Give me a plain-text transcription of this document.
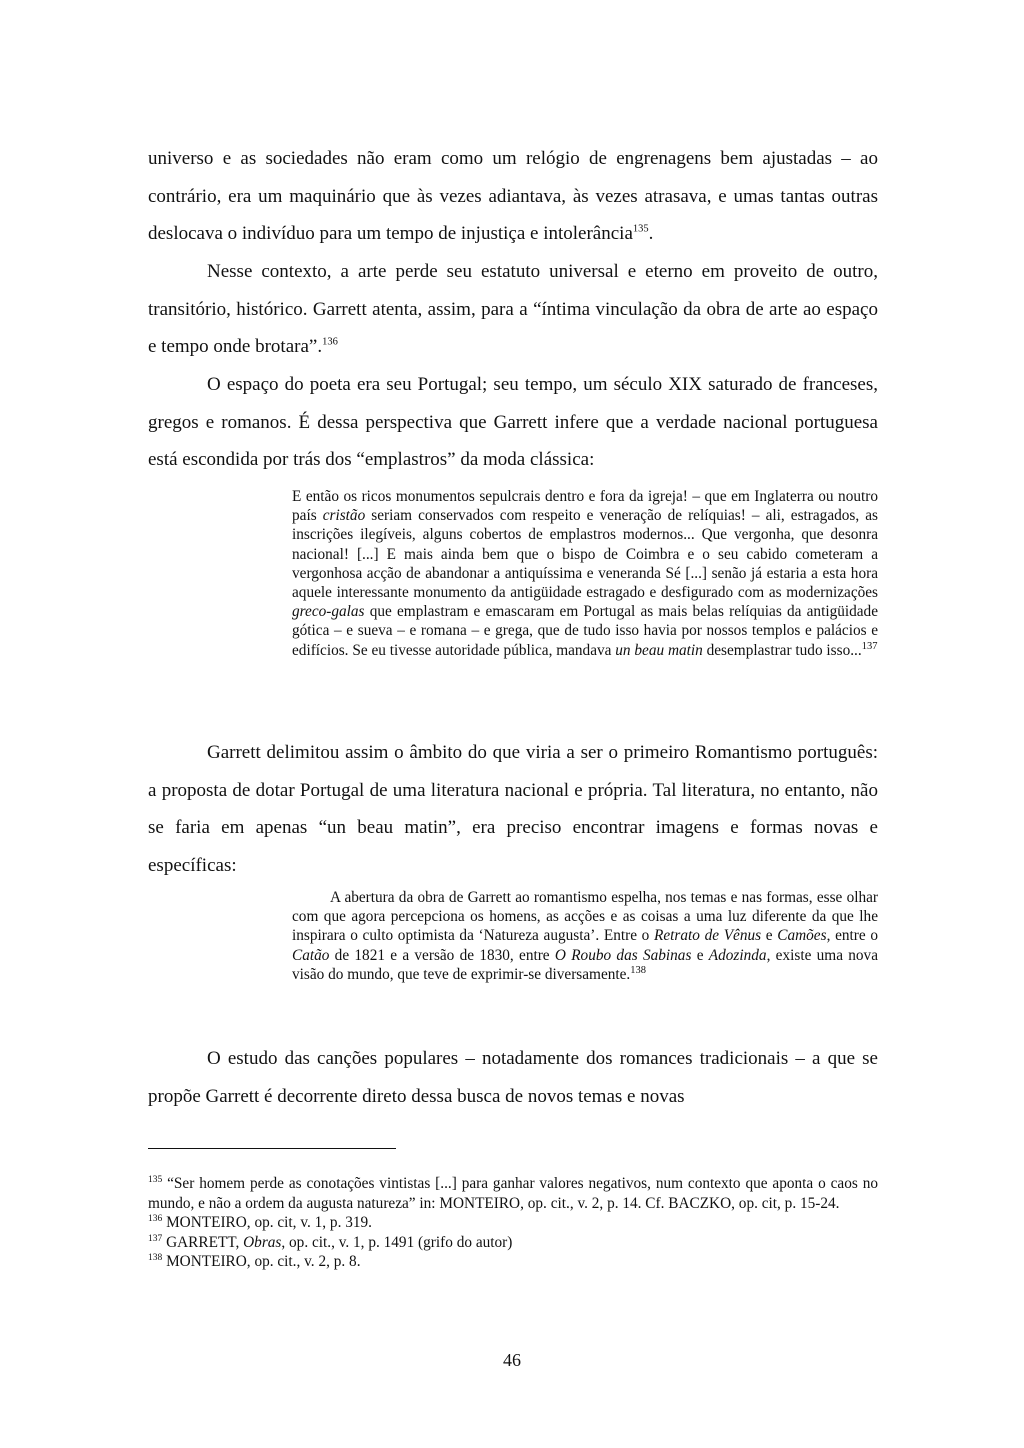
universo e as sociedades não eram como um relógio de engrenagens bem ajustadas – ao contrário, era um maquinário que às vezes adiantava, às vezes atrasava, e umas tantas outras deslocava o indivíduo para um tempo de injustiça e intolerância$^{135}$.

Nesse contexto, a arte perde seu estatuto universal e eterno em proveito de outro, transitório, histórico. Garrett atenta, assim, para a “íntima vinculação da obra de arte ao espaço e tempo onde brotara”.$^{136}$

O espaço do poeta era seu Portugal; seu tempo, um século XIX saturado de franceses, gregos e romanos. É dessa perspectiva que Garrett infere que a verdade nacional portuguesa está escondida por trás dos “emplastros” da moda clássica:

E então os ricos monumentos sepulcrais dentro e fora da igreja! – que em Inglaterra ou noutro país cristão seriam conservados com respeito e veneração de relíquias! – ali, estragados, as inscrições ilegíveis, alguns cobertos de emplastros modernos... Que vergonha, que desonra nacional! [...] E mais ainda bem que o bispo de Coimbra e o seu cabido cometeram a vergonhosa acção de abandonar a antiquíssima e veneranda Sé [...] senão já estaria a esta hora aquele interessante monumento da antigüidade estragado e desfigurado com as modernizações greco-galas que emplastram e emascaram em Portugal as mais belas relíquias da antigüidade gótica – e sueva – e romana – e grega, que de tudo isso havia por nossos templos e palácios e edifícios. Se eu tivesse autoridade pública, mandava un beau matin desemplastrar tudo isso...$^{137}$

Garrett delimitou assim o âmbito do que viria a ser o primeiro Romantismo português: a proposta de dotar Portugal de uma literatura nacional e própria. Tal literatura, no entanto, não se faria em apenas “un beau matin”, era preciso encontrar imagens e formas novas e específicas:

A abertura da obra de Garrett ao romantismo espelha, nos temas e nas formas, esse olhar com que agora percepciona os homens, as acções e as coisas a uma luz diferente da que lhe inspirara o culto optimista da ‘Natureza augusta’. Entre o Retrato de Vênus e Camões, entre o Catão de 1821 e a versão de 1830, entre O Roubo das Sabinas e Adozinda, existe uma nova visão do mundo, que teve de exprimir-se diversamente.$^{138}$

O estudo das canções populares – notadamente dos romances tradicionais – a que se propõe Garrett é decorrente direto dessa busca de novos temas e novas

$^{135}$ “Ser homem perde as conotações vintistas [...] para ganhar valores negativos, num contexto que aponta o caos no mundo, e não a ordem da augusta natureza” in: MONTEIRO, op. cit., v. 2, p. 14. Cf. BACZKO, op. cit, p. 15-24.

$^{136}$ MONTEIRO, op. cit, v. 1, p. 319.

$^{137}$ GARRETT, Obras, op. cit., v. 1, p. 1491 (grifo do autor)

$^{138}$ MONTEIRO, op. cit., v. 2, p. 8.

46
